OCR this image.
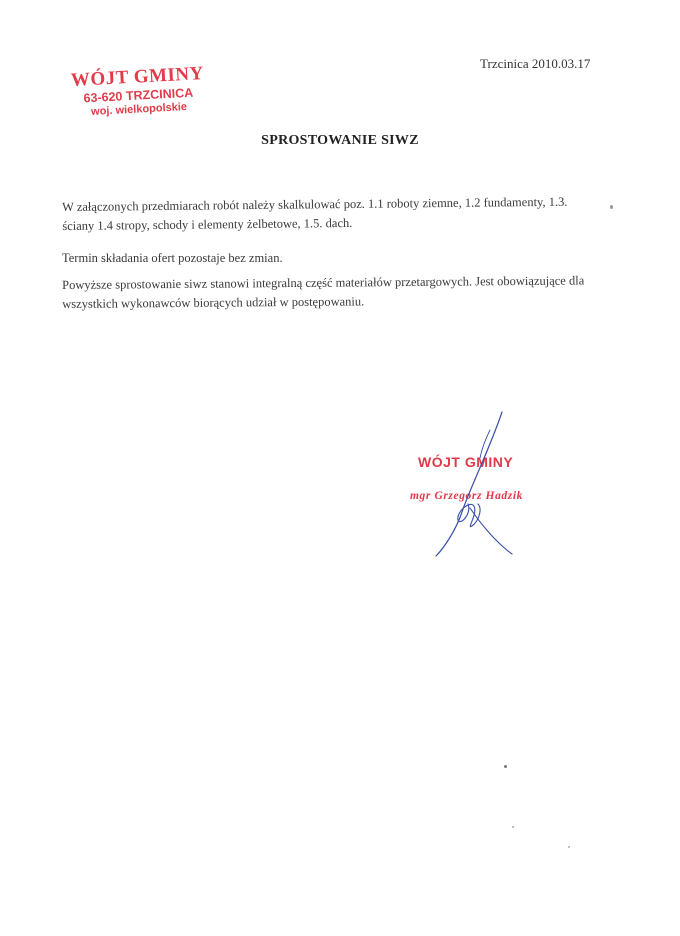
Trzcinica 2010.03.17
WÓJT GMINY
63-620 TRZCINICA
woj. wielkopolskie
SPROSTOWANIE SIWZ
W załączonych przedmiarach robót należy skalkulować poz. 1.1 roboty ziemne, 1.2 fundamenty, 1.3. ściany 1.4 stropy, schody i elementy żelbetowe, 1.5. dach.
Termin składania ofert pozostaje bez zmian.
Powyższe sprostowanie siwz stanowi integralną część materiałów przetargowych. Jest obowiązujące dla wszystkich wykonawców biorących udział w postępowaniu.
WÓJT GMINY
mgr Grzegorz Hadzik
